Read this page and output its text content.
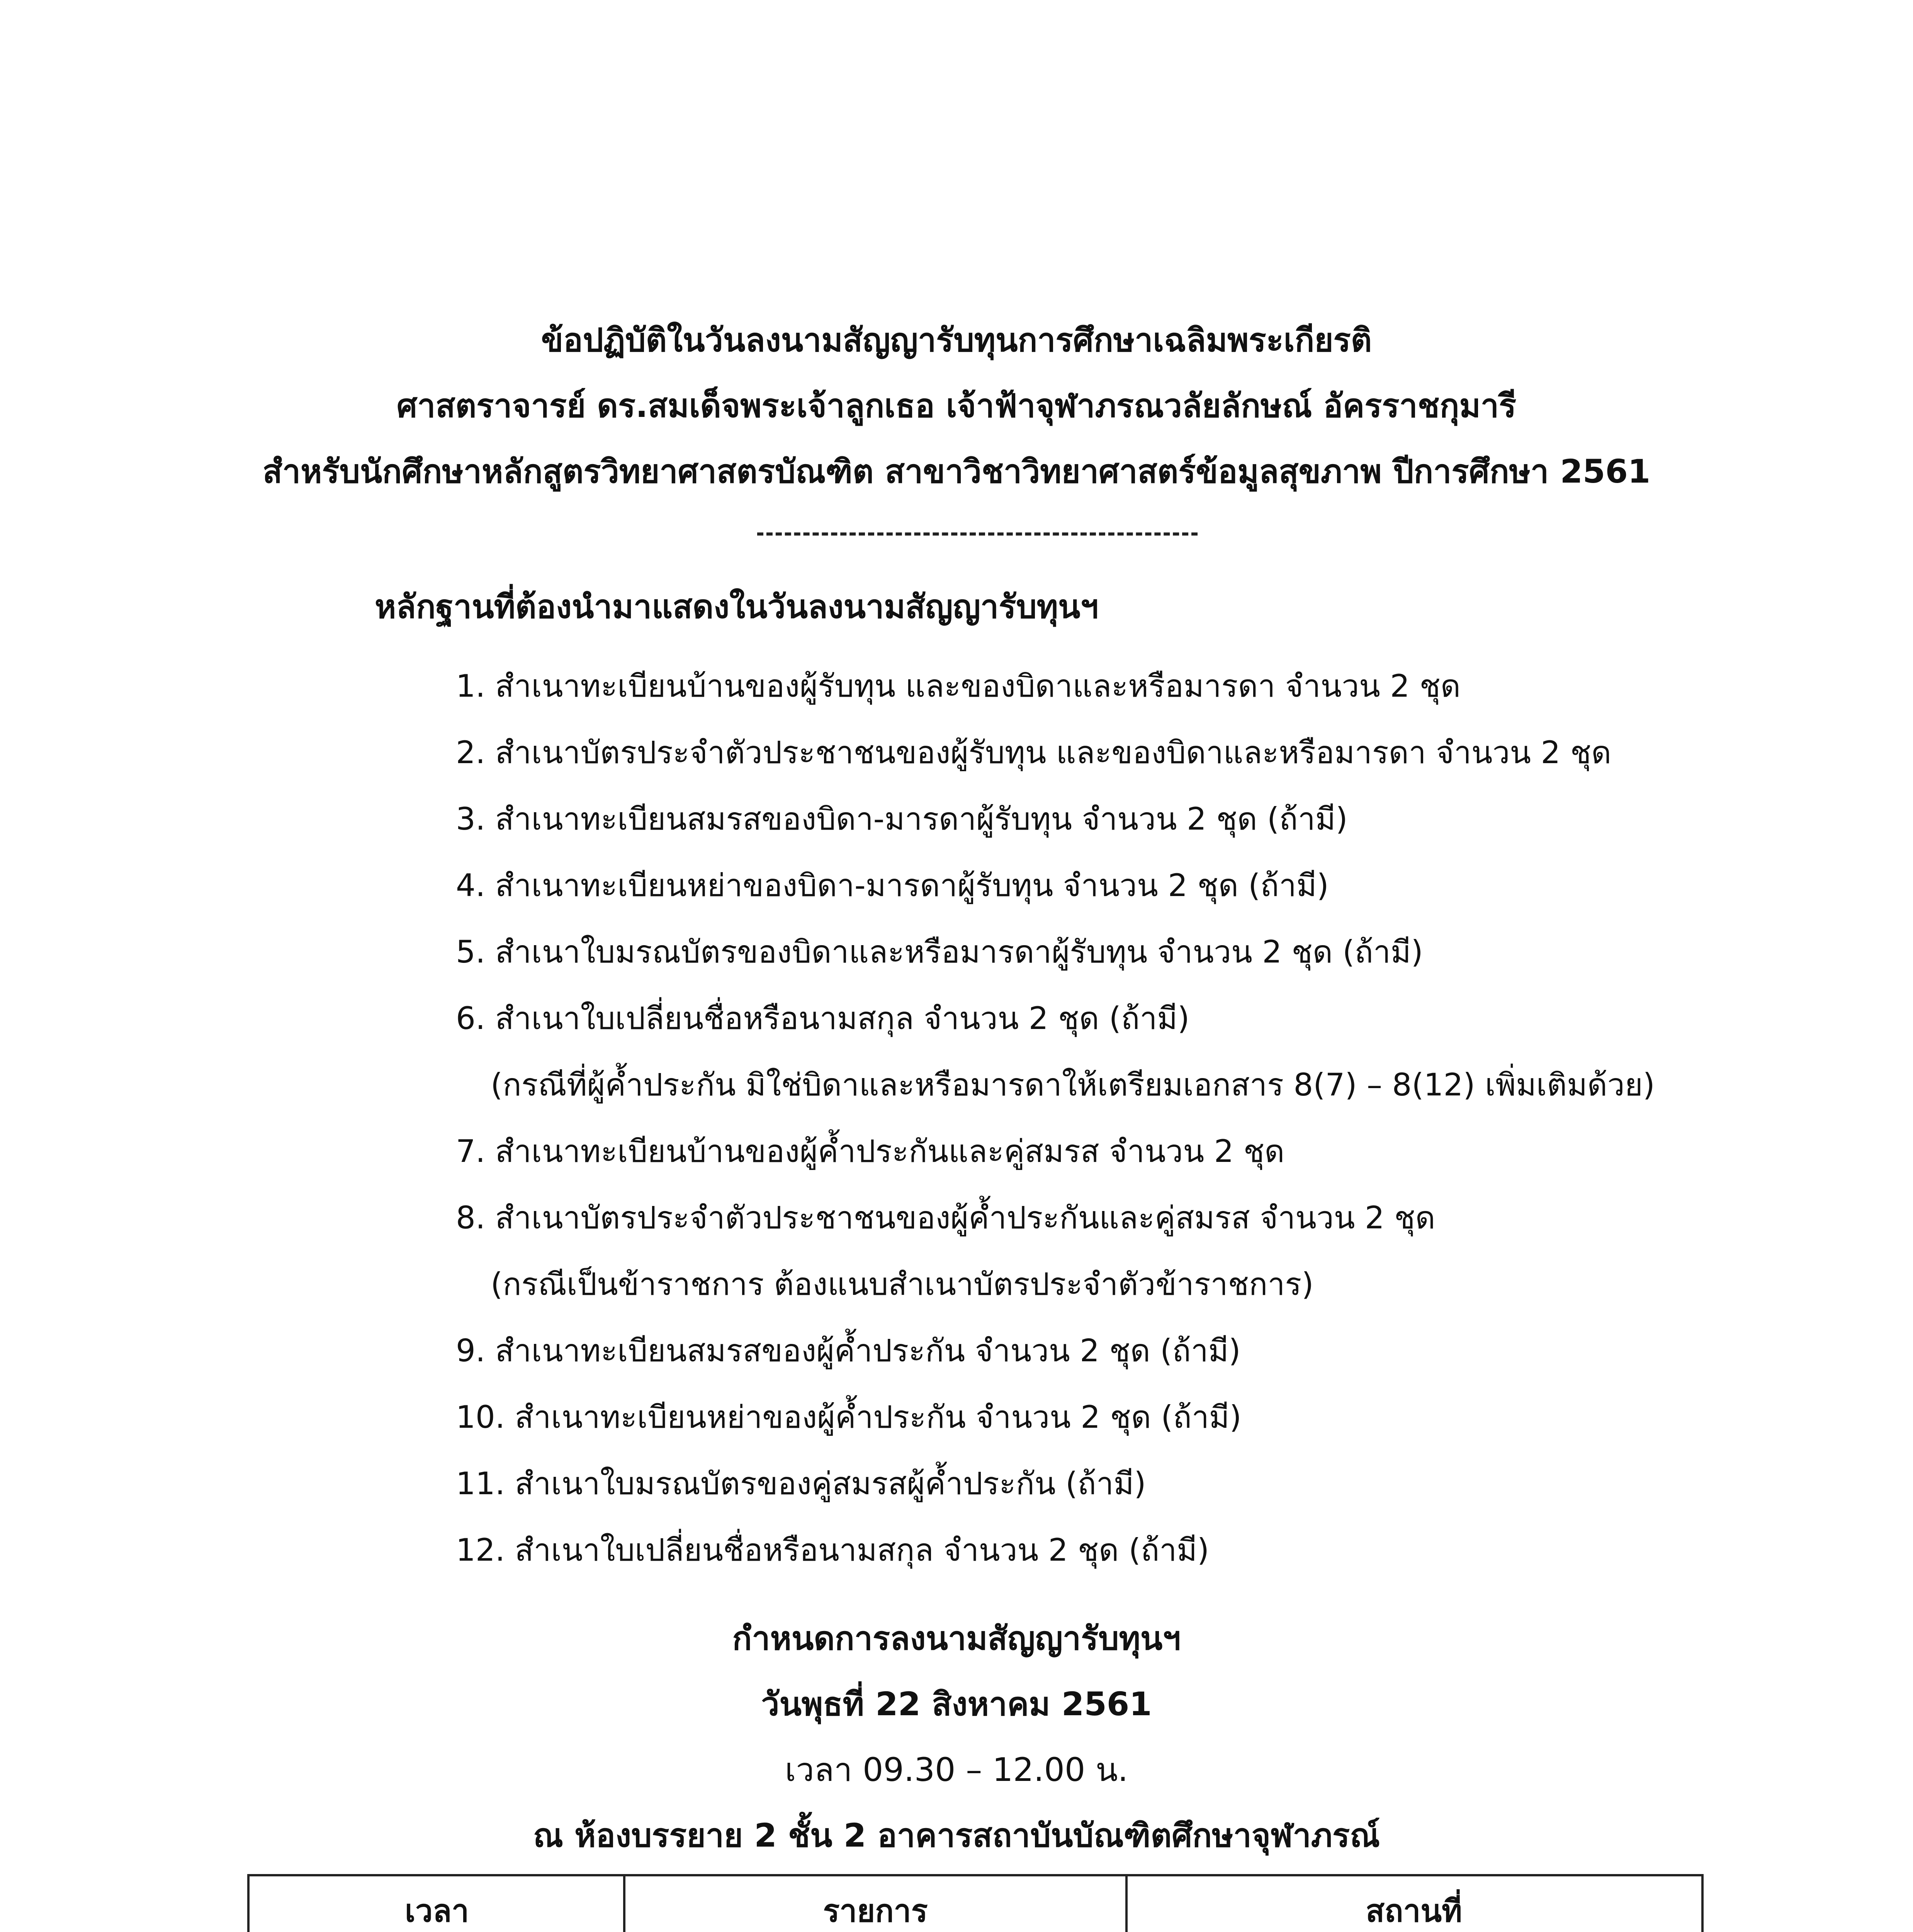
ข้อปฏิบัติในวันลงนามสัญญารับทุนการศึกษาเฉลิมพระเกียรติ
ศาสตราจารย์ ดร.สมเด็จพระเจ้าลูกเธอ เจ้าฟ้าจุฬาภรณวลัยลักษณ์ อัครราชกุมารี
สำหรับนักศึกษาหลักสูตรวิทยาศาสตรบัณฑิต สาขาวิชาวิทยาศาสตร์ข้อมูลสุขภาพ ปีการศึกษา 2561
หลักฐานที่ต้องนำมาแสดงในวันลงนามสัญญารับทุนฯ
1. สำเนาทะเบียนบ้านของผู้รับทุน และของบิดาและหรือมารดา จำนวน 2 ชุด
2. สำเนาบัตรประจำตัวประชาชนของผู้รับทุน และของบิดาและหรือมารดา จำนวน 2 ชุด
3. สำเนาทะเบียนสมรสของบิดา-มารดาผู้รับทุน จำนวน 2 ชุด (ถ้ามี)
4. สำเนาทะเบียนหย่าของบิดา-มารดาผู้รับทุน จำนวน 2 ชุด (ถ้ามี)
5. สำเนาใบมรณบัตรของบิดาและหรือมารดาผู้รับทุน จำนวน 2 ชุด (ถ้ามี)
6. สำเนาใบเปลี่ยนชื่อหรือนามสกุล จำนวน 2 ชุด (ถ้ามี)
(กรณีที่ผู้ค้ำประกัน มิใช่บิดาและหรือมารดาให้เตรียมเอกสาร 8(7) – 8(12) เพิ่มเติมด้วย)
7. สำเนาทะเบียนบ้านของผู้ค้ำประกันและคู่สมรส จำนวน 2 ชุด
8. สำเนาบัตรประจำตัวประชาชนของผู้ค้ำประกันและคู่สมรส จำนวน 2 ชุด
(กรณีเป็นข้าราชการ ต้องแนบสำเนาบัตรประจำตัวข้าราชการ)
9. สำเนาทะเบียนสมรสของผู้ค้ำประกัน จำนวน 2 ชุด (ถ้ามี)
10. สำเนาทะเบียนหย่าของผู้ค้ำประกัน จำนวน 2 ชุด (ถ้ามี)
11. สำเนาใบมรณบัตรของคู่สมรสผู้ค้ำประกัน (ถ้ามี)
12. สำเนาใบเปลี่ยนชื่อหรือนามสกุล จำนวน 2 ชุด (ถ้ามี)
กำหนดการลงนามสัญญารับทุนฯ
วันพุธที่ 22 สิงหาคม 2561
เวลา 09.30 – 12.00 น.
ณ ห้องบรรยาย 2 ชั้น 2 อาคารสถาบันบัณฑิตศึกษาจุฬาภรณ์
เวลา	รายการ	สถานที่
